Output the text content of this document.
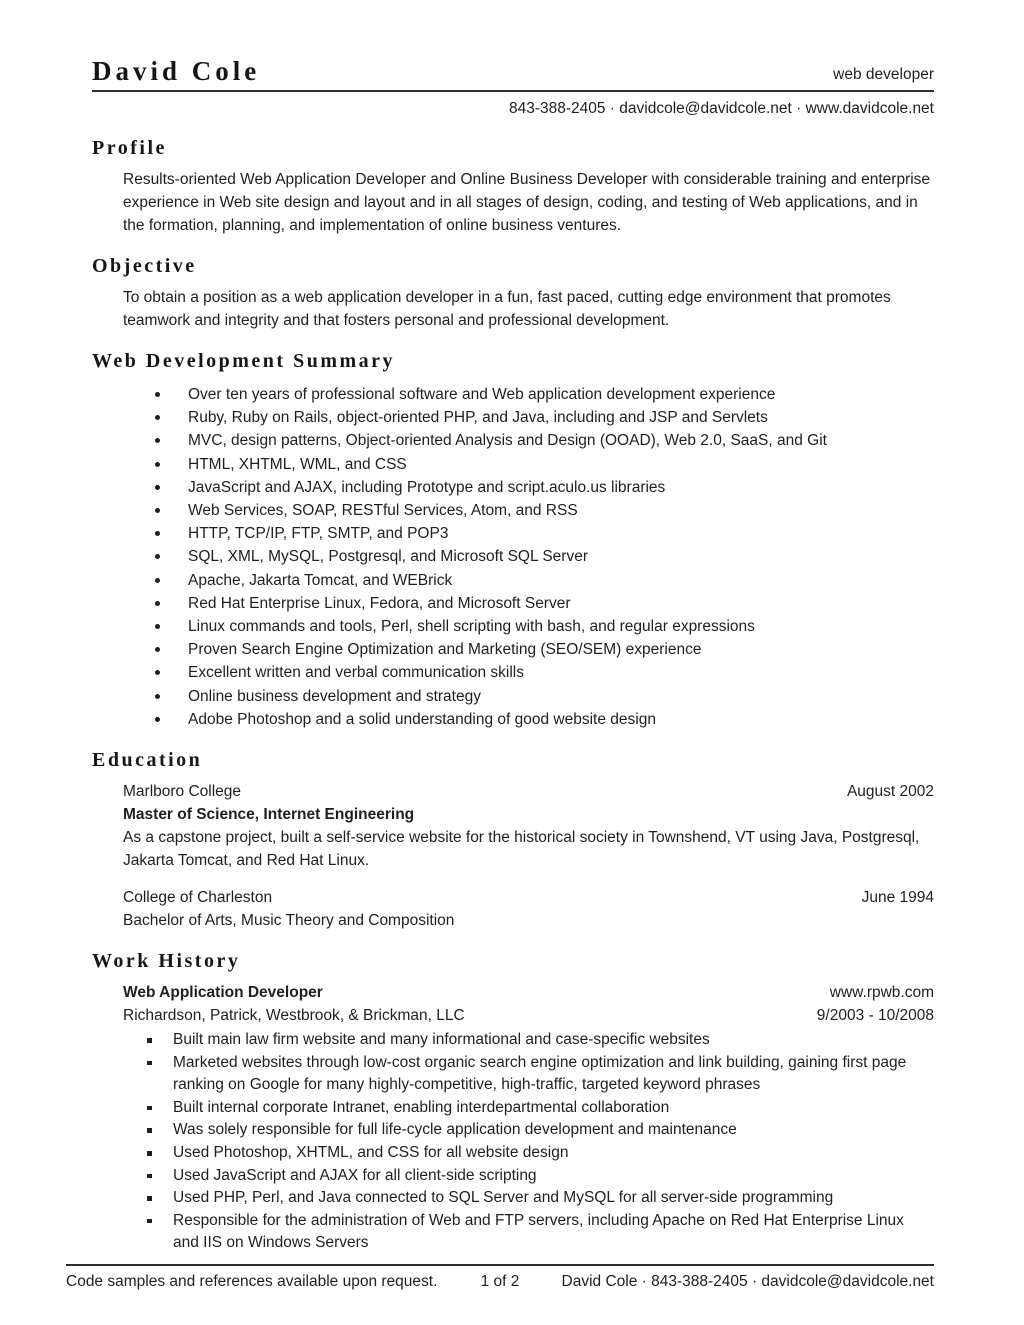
David Cole	web developer
843-388-2405 · davidcole@davidcole.net · www.davidcole.net
Profile

Results-oriented Web Application Developer and Online Business Developer with considerable training and enterprise experience in Web site design and layout and in all stages of design, coding, and testing of Web applications, and in the formation, planning, and implementation of online business ventures.

Objective

To obtain a position as a web application developer in a fun, fast paced, cutting edge environment that promotes teamwork and integrity and that fosters personal and professional development.

Web Development Summary
Over ten years of professional software and Web application development experience
Ruby, Ruby on Rails, object-oriented PHP, and Java, including and JSP and Servlets
MVC, design patterns, Object-oriented Analysis and Design (OOAD), Web 2.0, SaaS, and Git
HTML, XHTML, WML, and CSS
JavaScript and AJAX, including Prototype and script.aculo.us libraries
Web Services, SOAP, RESTful Services, Atom, and RSS
HTTP, TCP/IP, FTP, SMTP, and POP3
SQL, XML, MySQL, Postgresql, and Microsoft SQL Server
Apache, Jakarta Tomcat, and WEBrick
Red Hat Enterprise Linux, Fedora, and Microsoft Server
Linux commands and tools, Perl, shell scripting with bash, and regular expressions
Proven Search Engine Optimization and Marketing (SEO/SEM) experience
Excellent written and verbal communication skills
Online business development and strategy
Adobe Photoshop and a solid understanding of good website design
Education
Marlboro College	August 2002
Master of Science, Internet Engineering
As a capstone project, built a self-service website for the historical society in Townshend, VT using Java, Postgresql, Jakarta Tomcat, and Red Hat Linux.
College of Charleston	June 1994
Bachelor of Arts, Music Theory and Composition
Work History
Web Application Developer	www.rpwb.com
Richardson, Patrick, Westbrook, & Brickman, LLC	9/2003 - 10/2008
Built main law firm website and many informational and case-specific websites
Marketed websites through low-cost organic search engine optimization and link building, gaining first page ranking on Google for many highly-competitive, high-traffic, targeted keyword phrases
Built internal corporate Intranet, enabling interdepartmental collaboration
Was solely responsible for full life-cycle application development and maintenance
Used Photoshop, XHTML, and CSS for all website design
Used JavaScript and AJAX for all client-side scripting
Used PHP, Perl, and Java connected to SQL Server and MySQL for all server-side programming
Responsible for the administration of Web and FTP servers, including Apache on Red Hat Enterprise Linux and IIS on Windows Servers
Code samples and references available upon request.	1 of 2	David Cole · 843-388-2405 · davidcole@davidcole.net
